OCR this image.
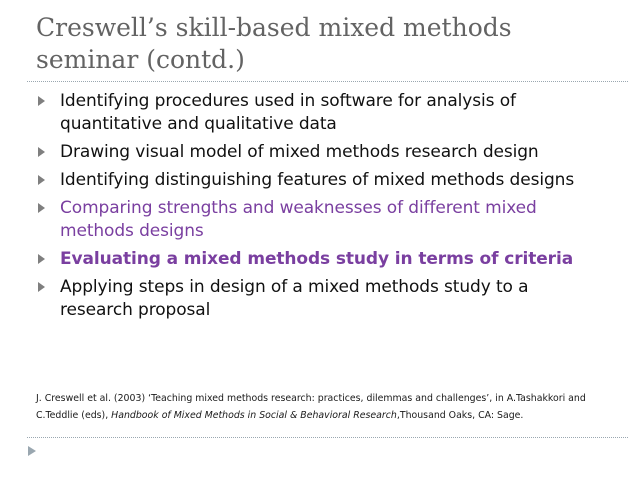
Creswell’s skill-based mixed methods
seminar (contd.)
Identifying procedures used in software for analysis of quantitative and qualitative data
Drawing visual model of mixed methods research design
Identifying distinguishing features of mixed methods designs
Comparing strengths and weaknesses of different mixed methods designs
Evaluating a mixed methods study in terms of criteria
Applying steps in design of a mixed methods study to a research proposal

J. Creswell et al. (2003) ‘Teaching mixed methods research: practices, dilemmas and challenges’, in A.Tashakkori and C.Teddlie (eds), Handbook of Mixed Methods in Social & Behavioral Research,Thousand Oaks, CA: Sage.
